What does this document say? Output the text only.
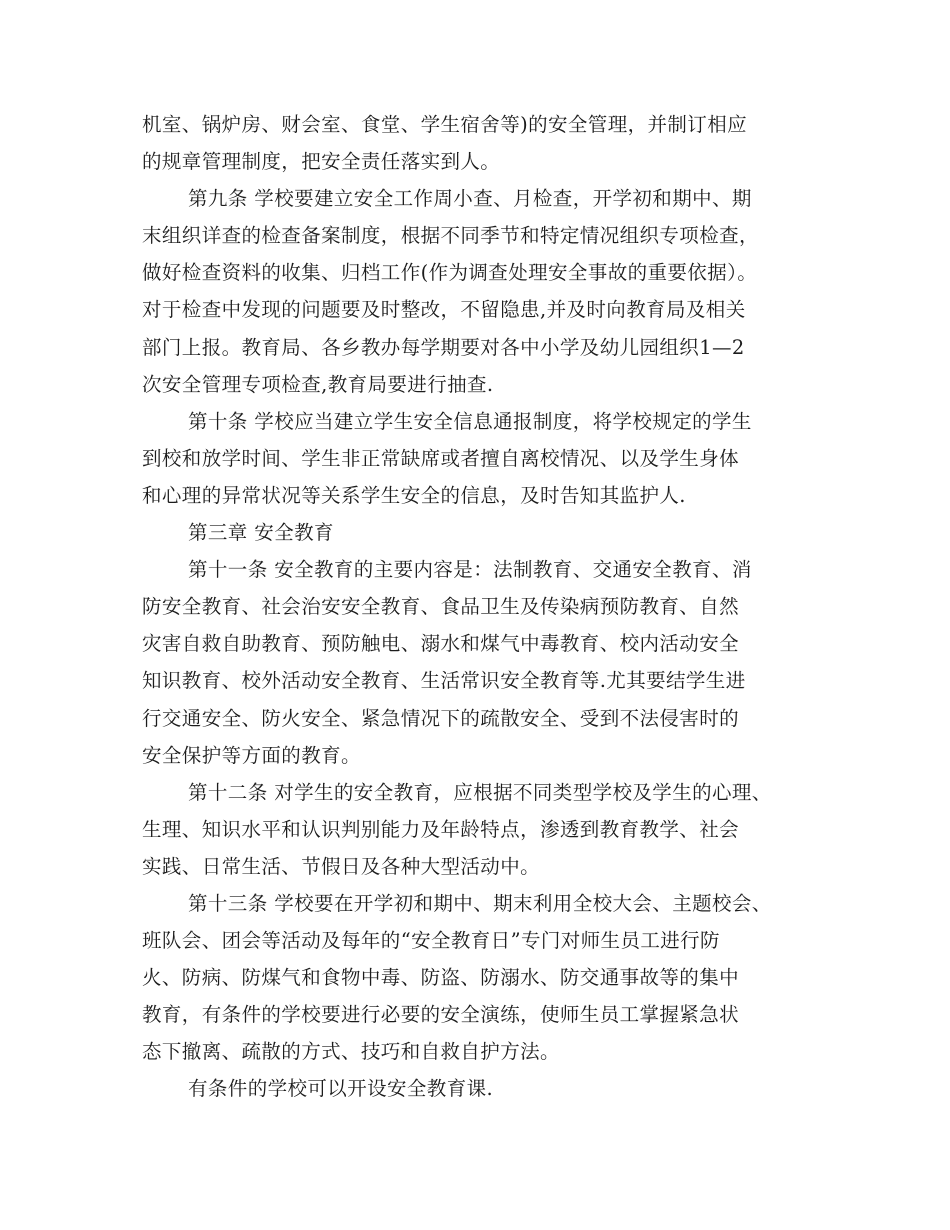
机室、锅炉房、财会室、食堂、学生宿舍等)的安全管理，并制订相应
的规章管理制度，把安全责任落实到人。
第九条 学校要建立安全工作周小查、月检查，开学初和期中、期
末组织详查的检查备案制度，根据不同季节和特定情况组织专项检查，
做好检查资料的收集、归档工作(作为调查处理安全事故的重要依据）。
对于检查中发现的问题要及时整改，不留隐患,并及时向教育局及相关
部门上报。教育局、各乡教办每学期要对各中小学及幼儿园组织1—2
次安全管理专项检查,教育局要进行抽查.
第十条 学校应当建立学生安全信息通报制度，将学校规定的学生
到校和放学时间、学生非正常缺席或者擅自离校情况、以及学生身体
和心理的异常状况等关系学生安全的信息，及时告知其监护人.
第三章 安全教育
第十一条 安全教育的主要内容是：法制教育、交通安全教育、消
防安全教育、社会治安安全教育、食品卫生及传染病预防教育、自然
灾害自救自助教育、预防触电、溺水和煤气中毒教育、校内活动安全
知识教育、校外活动安全教育、生活常识安全教育等.尤其要结学生进
行交通安全、防火安全、紧急情况下的疏散安全、受到不法侵害时的
安全保护等方面的教育。
第十二条 对学生的安全教育，应根据不同类型学校及学生的心理、
生理、知识水平和认识判别能力及年龄特点，渗透到教育教学、社会
实践、日常生活、节假日及各种大型活动中。
第十三条 学校要在开学初和期中、期末利用全校大会、主题校会、
班队会、团会等活动及每年的“安全教育日”专门对师生员工进行防
火、防病、防煤气和食物中毒、防盗、防溺水、防交通事故等的集中
教育，有条件的学校要进行必要的安全演练，使师生员工掌握紧急状
态下撤离、疏散的方式、技巧和自救自护方法。
有条件的学校可以开设安全教育课.
